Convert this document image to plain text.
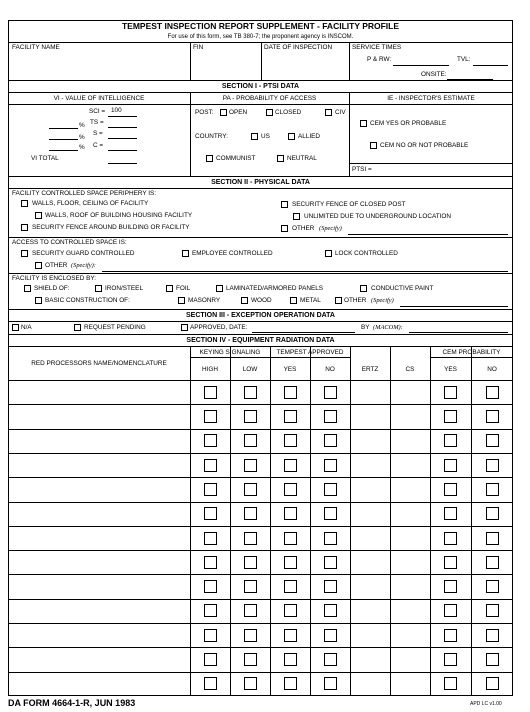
TEMPEST INSPECTION REPORT SUPPLEMENT - FACILITY PROFILE
For use of this form, see TB 380-7; the proponent agency is INSCOM.
FACILITY NAME	FIN	DATE OF INSPECTION	SERVICE TIMES
P & RW:	TVL:
ONSITE:
SECTION I - PTSI DATA
VI - VALUE OF INTELLIGENCE	PA - PROBABILITY OF ACCESS	IE - INSPECTOR'S ESTIMATE
SCI = 100
% TS =
%
S =
% C =
VI TOTAL
POST: OPEN	CLOSED	CIV
COUNTRY:	US	ALLIED
COMMUNIST	NEUTRAL
CEM YES OR PROBABLE
CEM NO OR NOT PROBABLE
PTSI =
SECTION II - PHYSICAL DATA
FACILITY CONTROLLED SPACE PERIPHERY IS:
WALLS, FLOOR, CEILING OF FACILITY
WALLS, ROOF OF BUILDING HOUSING FACILITY
SECURITY FENCE AROUND BUILDING OR FACILITY
SECURITY FENCE OF CLOSED POST
UNLIMITED DUE TO UNDERGROUND LOCATION
OTHER (Specify)
ACCESS TO CONTROLLED SPACE IS:
SECURITY GUARD CONTROLLED	EMPLOYEE CONTROLLED	LOCK CONTROLLED
OTHER (Specify):
FACILITY IS ENCLOSED BY:
SHIELD OF:	IRON/STEEL	FOIL	LAMINATED/ARMORED PANELS	CONDUCTIVE PAINT
BASIC CONSTRUCTION OF:	MASONRY	WOOD	METAL	OTHER (Specify)
SECTION III - EXCEPTION OPERATION DATA
N/A	REQUEST PENDING	APPROVED, DATE:	BY (MACOM):
SECTION IV - EQUIPMENT RADIATION DATA
RED PROCESSORS NAME/NOMENCLATURE
KEYING SIGNALING	TEMPEST APPROVED	CEM PROBABILITY
HIGH	LOW	YES	NO	ERTZ	CS	YES	NO
DA FORM 4664-1-R, JUN 1983	APD LC v1.00
